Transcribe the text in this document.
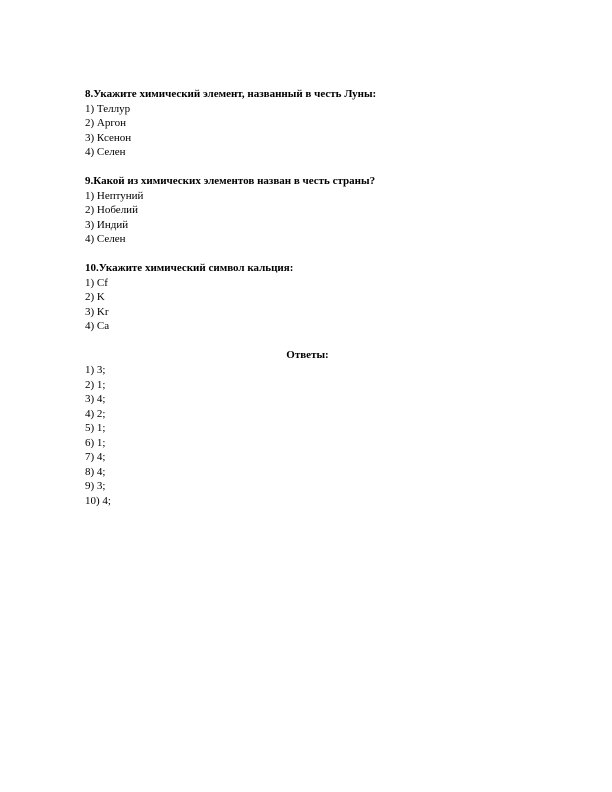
8.Укажите химический элемент, названный в честь Луны:
1) Теллур
2) Аргон
3) Ксенон
4) Селен
9.Какой из химических элементов назван в честь страны?
1) Нептуний
2) Нобелий
3) Индий
4) Селен
10.Укажите химический символ кальция:
1) Cf
2) K
3) Kr
4) Ca
Ответы:
1) 3;
2) 1;
3) 4;
4) 2;
5) 1;
6) 1;
7) 4;
8) 4;
9) 3;
10) 4;
